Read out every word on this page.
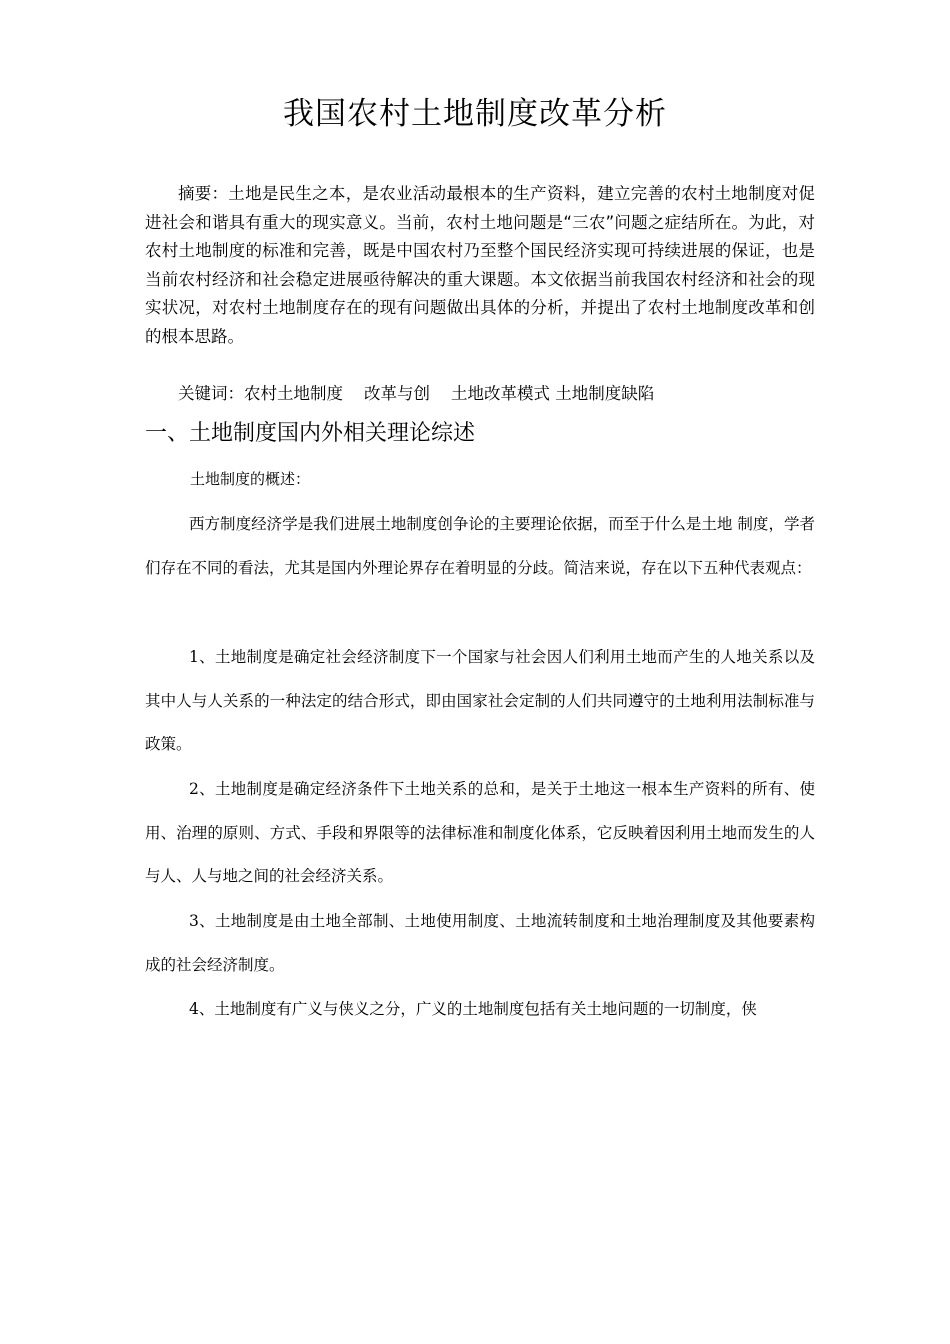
我国农村土地制度改革分析

摘要：土地是民生之本，是农业活动最根本的生产资料，建立完善的农村土地制度对促 进社会和谐具有重大的现实意义。当前，农村土地问题是“三农”问题之症结所在。为此，对农村土地制度的标准和完善，既是中国农村乃至整个国民经济实现可持续进展的保证，也是 当前农村经济和社会稳定进展亟待解决的重大课题。本文依据当前我国农村经济和社会的现 实状况，对农村土地制度存在的现有问题做出具体的分析，并提出了农村土地制度改革和创 的根本思路。

关键词：农村土地制度    改革与创    土地改革模式 土地制度缺陷
一、土地制度国内外相关理论综述
土地制度的概述：

西方制度经济学是我们进展土地制度创争论的主要理论依据，而至于什么是土地 制度，学者们存在不同的看法，尤其是国内外理论界存在着明显的分歧。简洁来说，存在以下五种代表观点：

1、土地制度是确定社会经济制度下一个国家与社会因人们利用土地而产生的人地关系以及其中人与人关系的一种法定的结合形式，即由国家社会定制的人们共同遵守的土地利用法制标准与政策。

2、土地制度是确定经济条件下土地关系的总和，是关于土地这一根本生产资料的所有、使用、治理的原则、方式、手段和界限等的法律标准和制度化体系，它反映着因利用土地而发生的人与人、人与地之间的社会经济关系。

3、土地制度是由土地全部制、土地使用制度、土地流转制度和土地治理制度及其他要素构成的社会经济制度。

4、土地制度有广义与侠义之分，广义的土地制度包括有关土地问题的一切制度，侠
